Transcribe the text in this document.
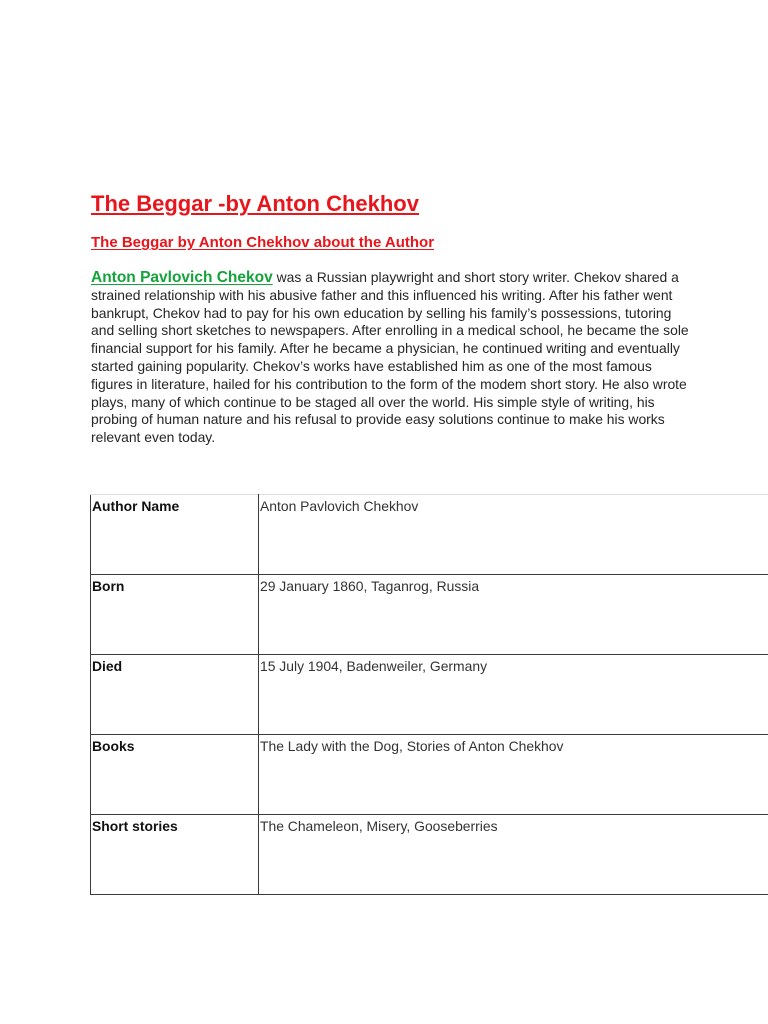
The Beggar -by Anton Chekhov
The Beggar by Anton Chekhov about the Author

Anton Pavlovich Chekov was a Russian playwright and short story writer. Chekov shared a strained relationship with his abusive father and this influenced his writing. After his father went bankrupt, Chekov had to pay for his own education by selling his family’s possessions, tutoring and selling short sketches to newspapers. After enrolling in a medical school, he became the sole financial support for his family. After he became a physician, he continued writing and eventually started gaining popularity. Chekov’s works have established him as one of the most famous figures in literature, hailed for his contribution to the form of the modem short story. He also wrote plays, many of which continue to be staged all over the world. His simple style of writing, his probing of human nature and his refusal to provide easy solutions continue to make his works relevant even today.

Author Name	Anton Pavlovich Chekhov
Born	29 January 1860, Taganrog, Russia
Died	15 July 1904, Badenweiler, Germany
Books	The Lady with the Dog, Stories of Anton Chekhov
Short stories	The Chameleon, Misery, Gooseberries
